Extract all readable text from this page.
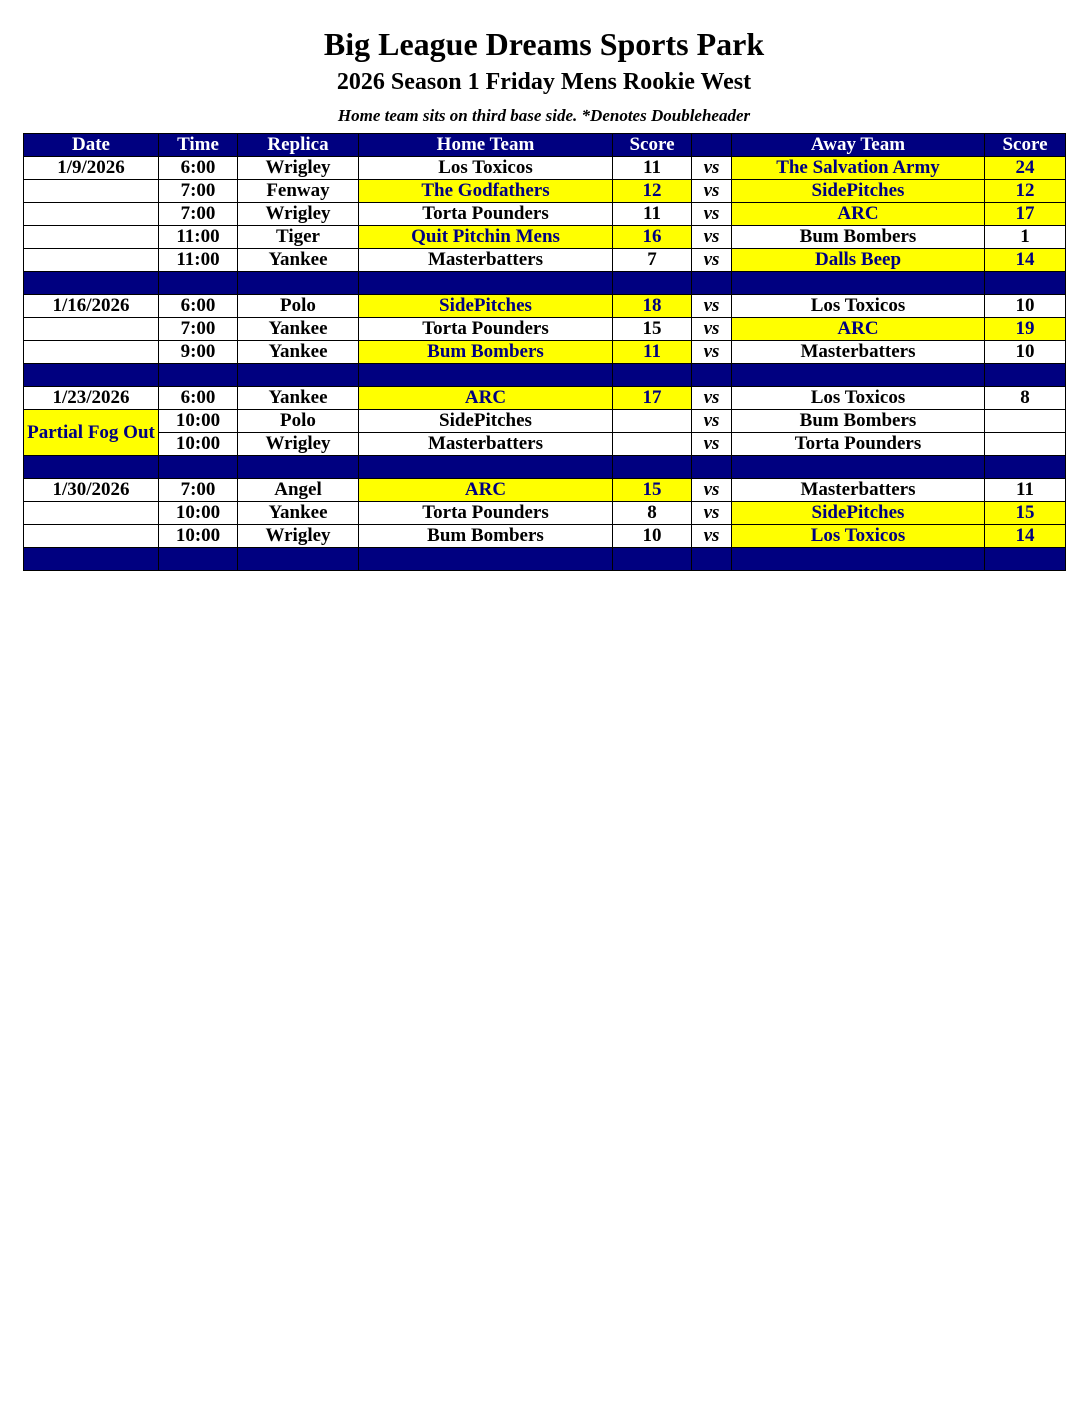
Big League Dreams Sports Park
2026 Season 1 Friday Mens Rookie West
Home team sits on third base side. *Denotes Doubleheader
Date	Time	Replica	Home Team	Score		Away Team	Score
1/9/2026	6:00	Wrigley	Los Toxicos	11	vs	The Salvation Army	24
	7:00	Fenway	The Godfathers	12	vs	SidePitches	12
	7:00	Wrigley	Torta Pounders	11	vs	ARC	17
	11:00	Tiger	Quit Pitchin Mens	16	vs	Bum Bombers	1
	11:00	Yankee	Masterbatters	7	vs	Dalls Beep	14

1/16/2026	6:00	Polo	SidePitches	18	vs	Los Toxicos	10
	7:00	Yankee	Torta Pounders	15	vs	ARC	19
	9:00	Yankee	Bum Bombers	11	vs	Masterbatters	10

1/23/2026	6:00	Yankee	ARC	17	vs	Los Toxicos	8
Partial Fog Out	10:00	Polo	SidePitches		vs	Bum Bombers	
	10:00	Wrigley	Masterbatters		vs	Torta Pounders	

1/30/2026	7:00	Angel	ARC	15	vs	Masterbatters	11
	10:00	Yankee	Torta Pounders	8	vs	SidePitches	15
	10:00	Wrigley	Bum Bombers	10	vs	Los Toxicos	14
